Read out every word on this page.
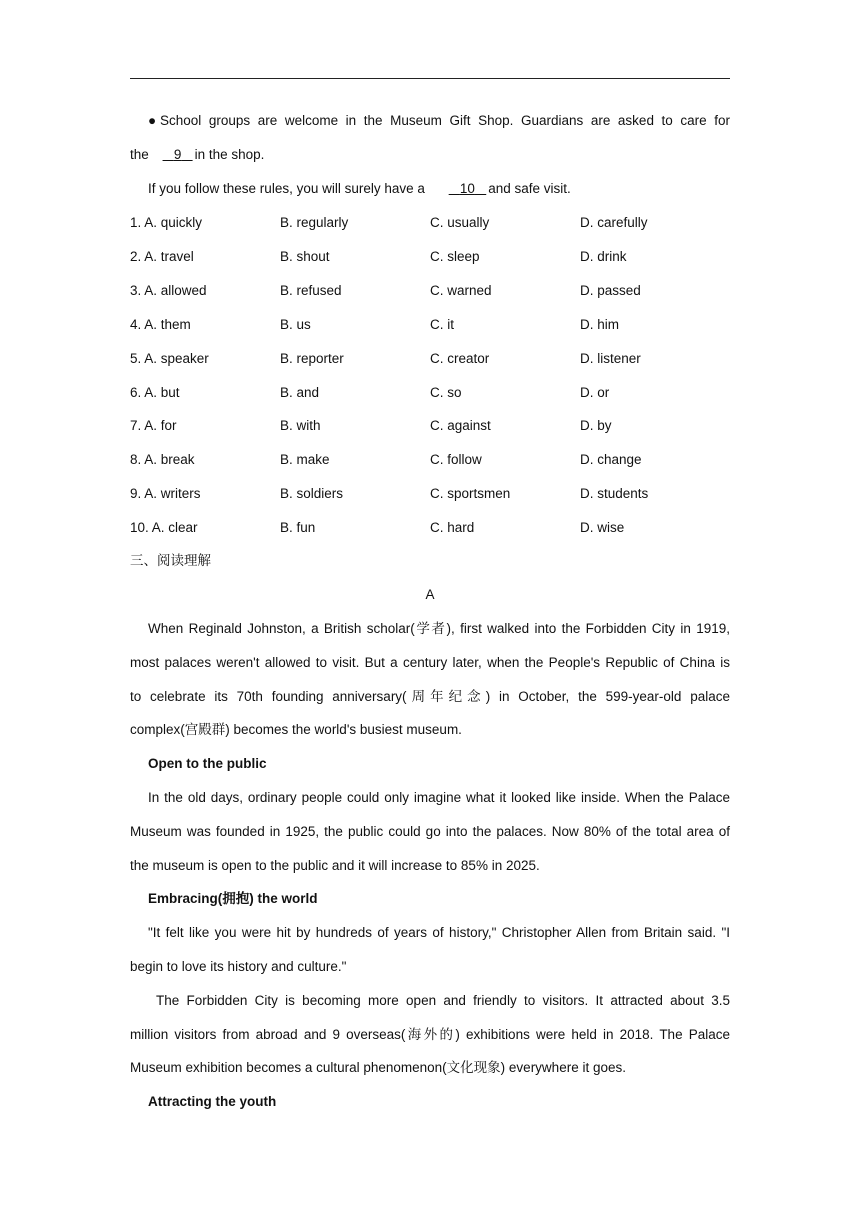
●School groups are welcome in the Museum Gift Shop. Guardians are asked to care for
the 9 in the shop.
If you follow these rules, you will surely have a	10 and safe visit.
1. A. quickly	B. regularly	C. usually	D. carefully
2. A. travel	B. shout	C. sleep	D. drink
3. A. allowed	B. refused	C. warned	D. passed
4. A. them	B. us	C. it	D. him
5. A. speaker	B. reporter	C. creator	D. listener
6. A. but	B. and	C. so	D. or
7. A. for	B. with	C. against	D. by
8. A. break	B. make	C. follow	D. change
9. A. writers	B. soldiers	C. sportsmen	D. students
10. A. clear	B. fun	C. hard	D. wise
三、阅读理解
A
When Reginald Johnston, a British scholar(学者), first walked into the Forbidden City in 1919,
most palaces weren't allowed to visit. But a century later, when the People's Republic of China is
to celebrate its 70th founding anniversary(周年纪念) in October, the 599-year-old palace
complex(宫殿群) becomes the world's busiest museum.
Open to the public
In the old days, ordinary people could only imagine what it looked like inside. When the Palace
Museum was founded in 1925, the public could go into the palaces. Now 80% of the total area of
the museum is open to the public and it will increase to 85% in 2025.
Embracing(拥抱) the world
"It felt like you were hit by hundreds of years of history," Christopher Allen from Britain said. "I
begin to love its history and culture."
The Forbidden City is becoming more open and friendly to visitors. It attracted about 3.5
million visitors from abroad and 9 overseas(海外的) exhibitions were held in 2018. The Palace
Museum exhibition becomes a cultural phenomenon(文化现象) everywhere it goes.
Attracting the youth
